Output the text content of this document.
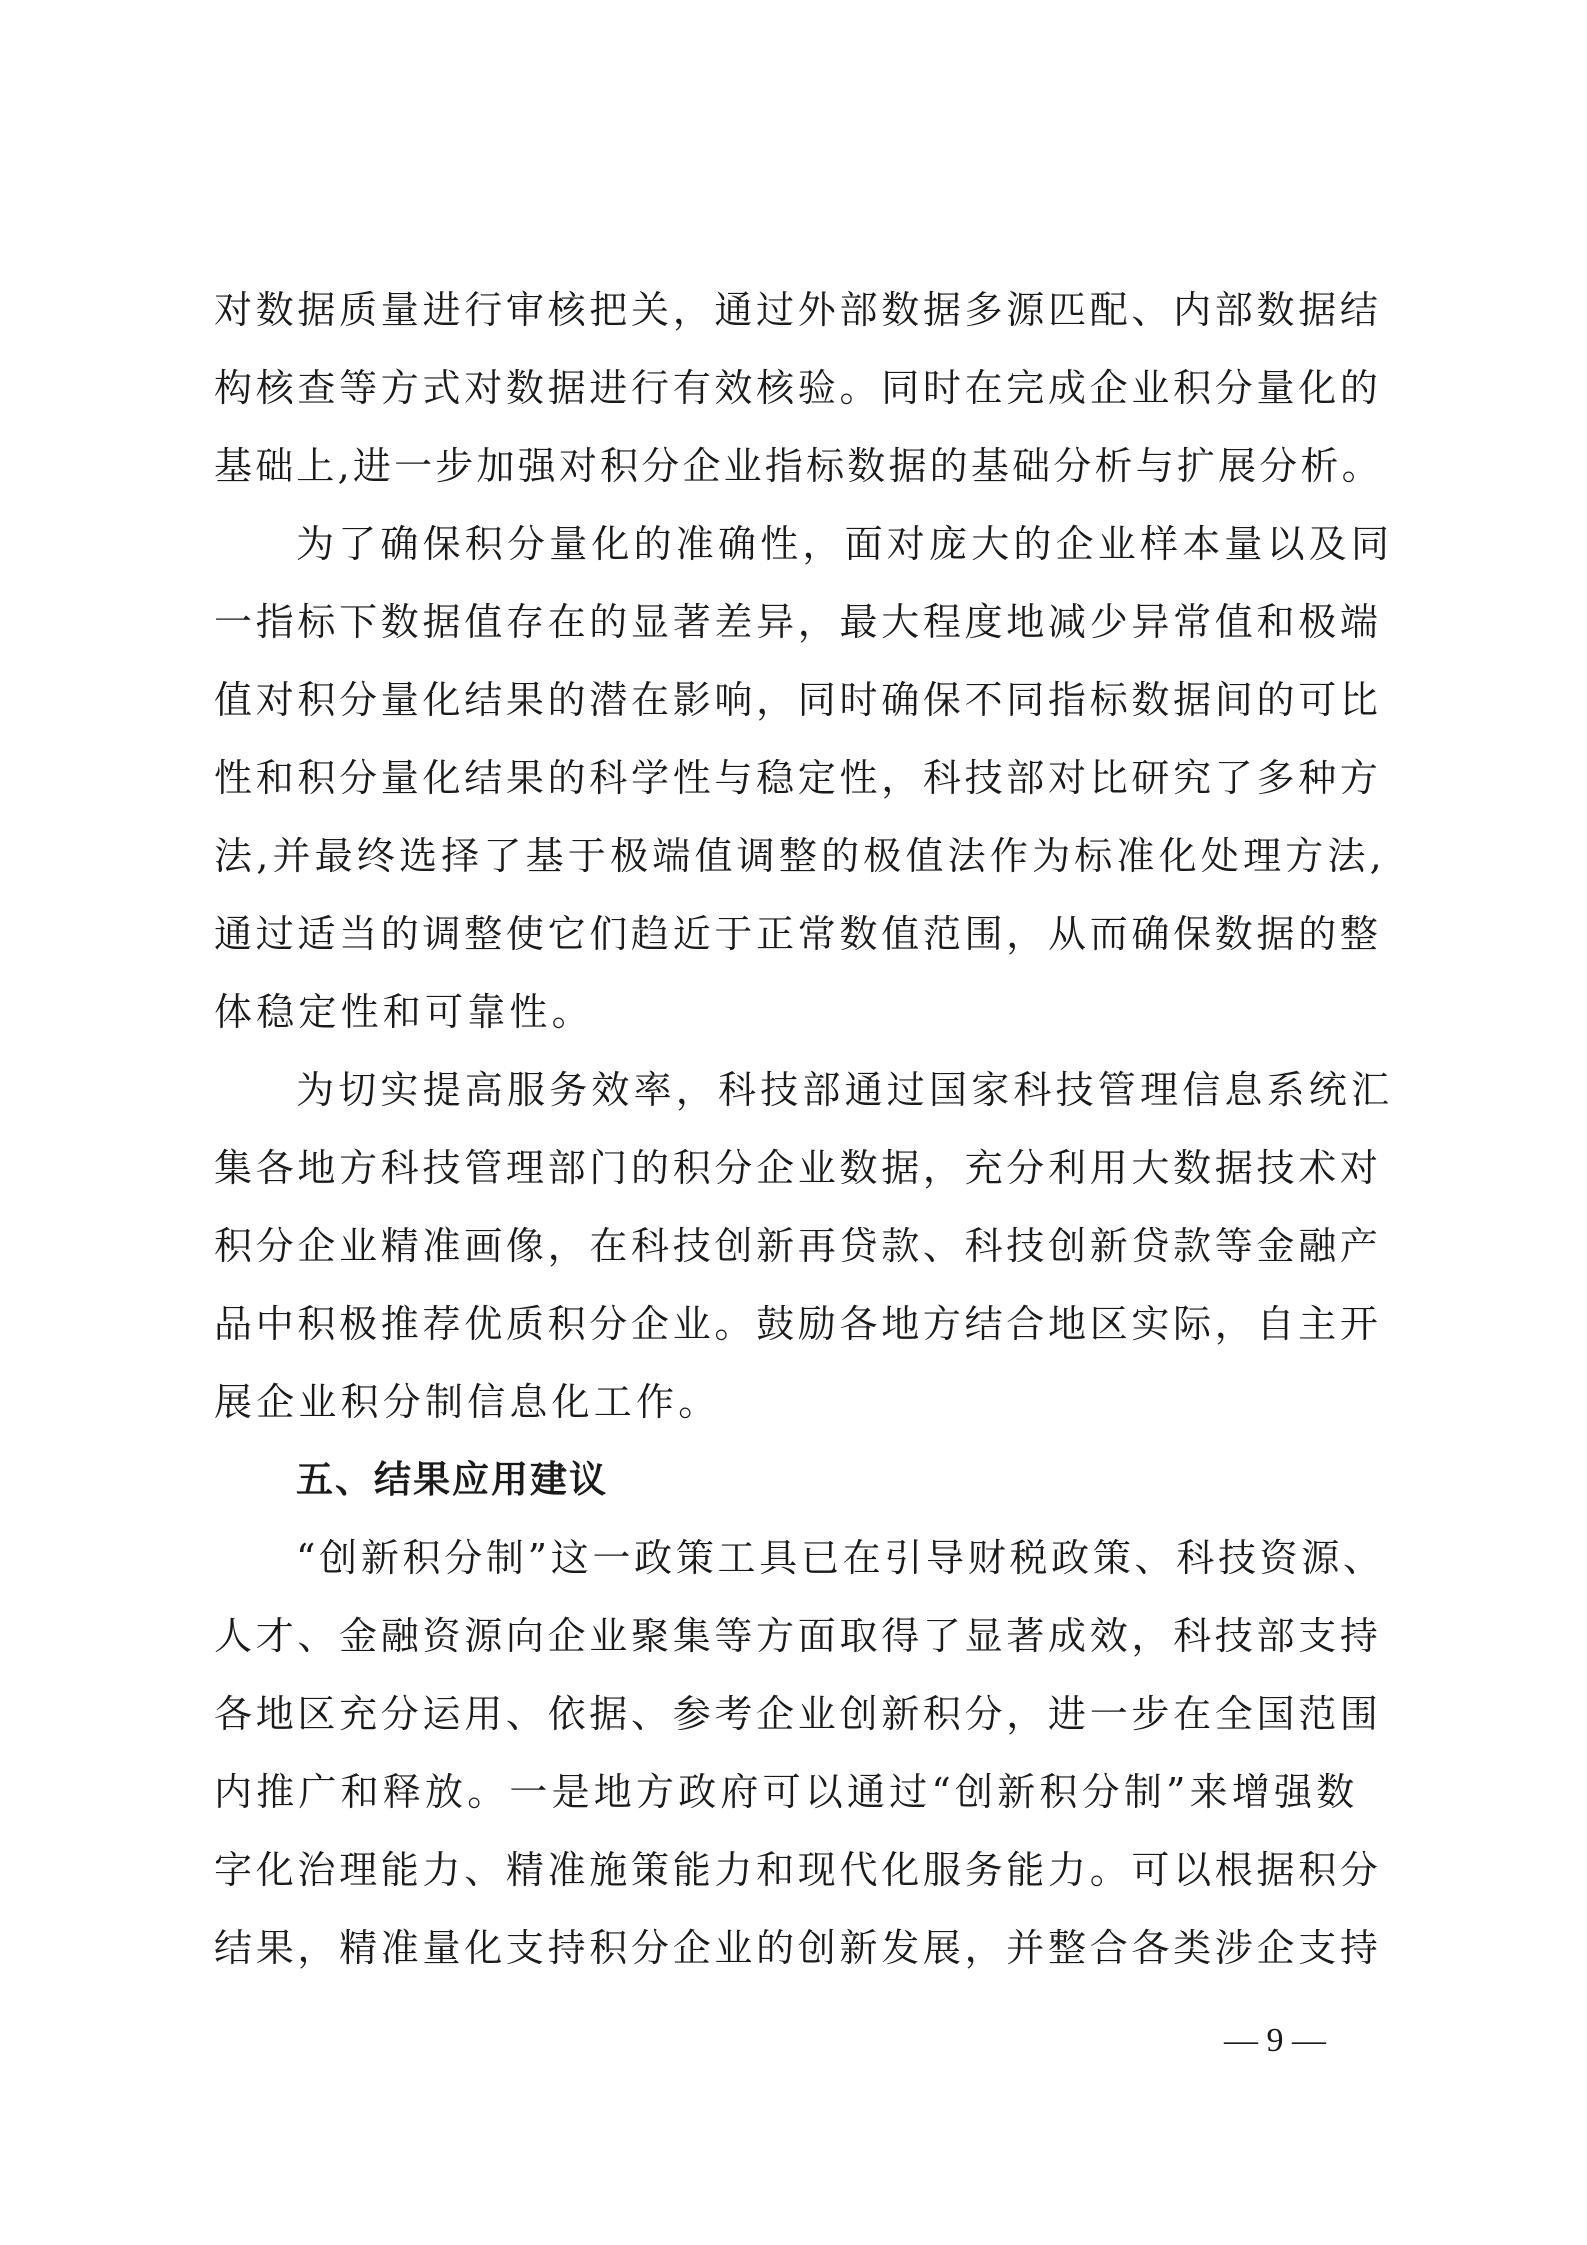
对数据质量进行审核把关，通过外部数据多源匹配、内部数据结
构核查等方式对数据进行有效核验。同时在完成企业积分量化的
基础上,进一步加强对积分企业指标数据的基础分析与扩展分析。
为了确保积分量化的准确性，面对庞大的企业样本量以及同
一指标下数据值存在的显著差异，最大程度地减少异常值和极端
值对积分量化结果的潜在影响，同时确保不同指标数据间的可比
性和积分量化结果的科学性与稳定性，科技部对比研究了多种方
法,并最终选择了基于极端值调整的极值法作为标准化处理方法,
通过适当的调整使它们趋近于正常数值范围，从而确保数据的整
体稳定性和可靠性。
为切实提高服务效率，科技部通过国家科技管理信息系统汇
集各地方科技管理部门的积分企业数据，充分利用大数据技术对
积分企业精准画像，在科技创新再贷款、科技创新贷款等金融产
品中积极推荐优质积分企业。鼓励各地方结合地区实际，自主开
展企业积分制信息化工作。
五、结果应用建议
“创新积分制”这一政策工具已在引导财税政策、科技资源、
人才、金融资源向企业聚集等方面取得了显著成效，科技部支持
各地区充分运用、依据、参考企业创新积分，进一步在全国范围
内推广和释放。一是地方政府可以通过“创新积分制”来增强数
字化治理能力、精准施策能力和现代化服务能力。可以根据积分
结果，精准量化支持积分企业的创新发展，并整合各类涉企支持
— 9 —
